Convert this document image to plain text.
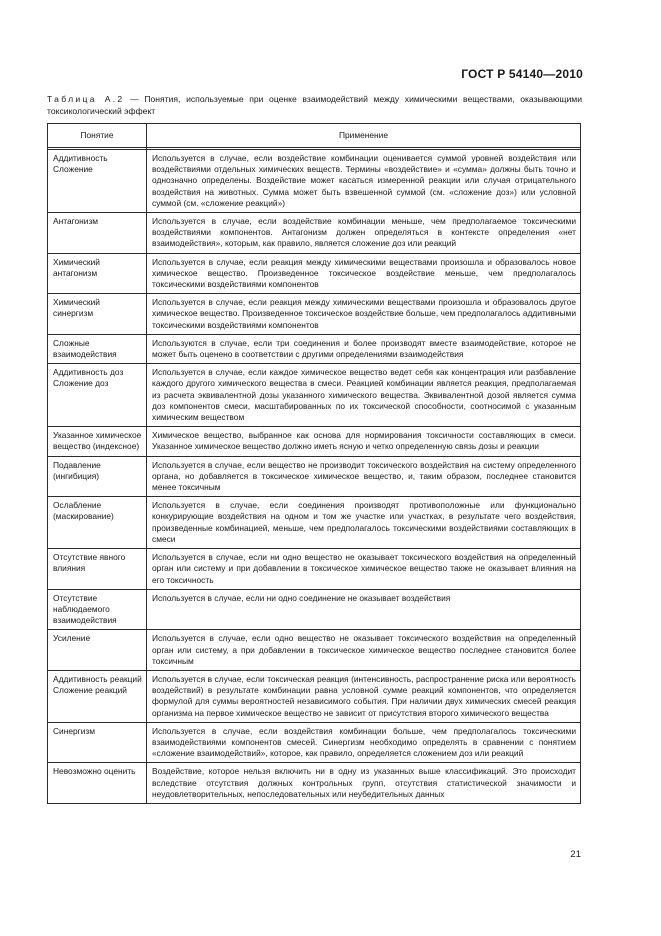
ГОСТ Р 54140—2010
Таблица А.2 — Понятия, используемые при оценке взаимодействий между химическими веществами, оказывающими токсикологический эффект
Понятие	Применение

Аддитивность Сложение	Используется в случае, если воздействие комбинации оценивается суммой уровней воздействия или воздействиями отдельных химических веществ. Термины «воздействие» и «сумма» должны быть точно и однозначно определены. Воздействие может касаться измеренной реакции или случая отрицательного воздействия на животных. Сумма может быть взвешенной суммой (см. «сложение доз») или условной суммой (см. «сложение реакций»)
Антагонизм	Используется в случае, если воздействие комбинации меньше, чем предполагаемое токсическими воздействиями компонентов. Антагонизм должен определяться в контексте определения «нет взаимодействия», которым, как правило, является сложение доз или реакций
Химический антагонизм	Используется в случае, если реакция между химическими веществами произошла и образовалось новое химическое вещество. Произведенное токсическое воздействие меньше, чем предполагалось токсическими воздействиями компонентов
Химический синергизм	Используется в случае, если реакция между химическими веществами произошла и образовалось другое химическое вещество. Произведенное токсическое воздействие больше, чем предполагалось аддитивными токсическими воздействиями компонентов
Сложные взаимодействия	Используются в случае, если три соединения и более производят вместе взаимодействие, которое не может быть оценено в соответствии с другими определениями взаимодействия
Аддитивность доз Сложение доз	Используется в случае, если каждое химическое вещество ведет себя как концентрация или разбавление каждого другого химического вещества в смеси. Реакцией комбинации является реакция, предполагаемая из расчета эквивалентной дозы указанного химического вещества. Эквивалентной дозой является сумма доз компонентов смеси, масштабированных по их токсической способности, соотносимой с указанным химическим веществом
Указанное химическое вещество (индексное)	Химическое вещество, выбранное как основа для нормирования токсичности составляющих в смеси. Указанное химическое вещество должно иметь ясную и четко определенную связь дозы и реакции
Подавление (ингибиция)	Используется в случае, если вещество не производит токсического воздействия на систему определенного органа, но добавляется в токсическое химическое вещество, и, таким образом, последнее становится менее токсичным
Ослабление (маскирование)	Используется в случае, если соединения производят противоположные или функционально конкурирующие воздействия на одном и том же участке или участках, в результате чего воздействия, произведенные комбинацией, меньше, чем предполагалось токсическими воздействиями составляющих в смеси
Отсутствие явного влияния	Используется в случае, если ни одно вещество не оказывает токсического воздействия на определенный орган или систему и при добавлении в токсическое химическое вещество также не оказывает влияния на его токсичность
Отсутствие наблюдаемого взаимодействия	Используется в случае, если ни одно соединение не оказывает воздействия
Усиление	Используется в случае, если одно вещество не оказывает токсического воздействия на определенный орган или систему, а при добавлении в токсическое химическое вещество последнее становится более токсичным
Аддитивность реакций Сложение реакций	Используется в случае, если токсическая реакция (интенсивность, распространение риска или вероятность воздействий) в результате комбинации равна условной сумме реакций компонентов, что определяется формулой для суммы вероятностей независимого события. При наличии двух химических смесей реакция организма на первое химическое вещество не зависит от присутствия второго химического вещества
Синергизм	Используется в случае, если воздействия комбинации больше, чем предполагалось токсическими взаимодействиями компонентов смесей. Синергизм необходимо определять в сравнении с понятием «сложение взаимодействий», которое, как правило, определяется сложением доз или реакций
Невозможно оценить	Воздействие, которое нельзя включить ни в одну из указанных выше классификаций. Это происходит вследствие отсутствия должных контрольных групп, отсутствия статистической значимости и неудовлетворительных, непоследовательных или неубедительных данных
21
